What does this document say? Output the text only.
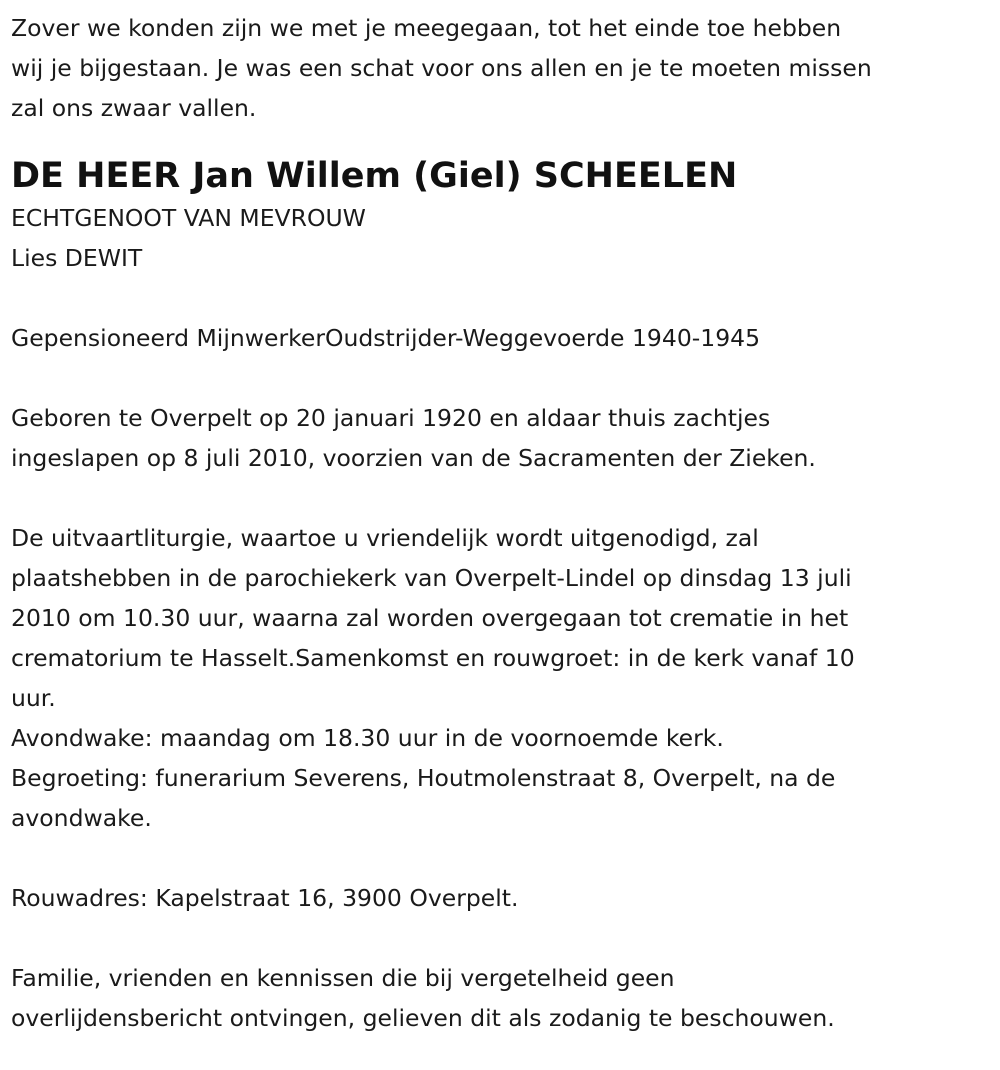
Zover we konden zijn we met je meegegaan, tot het einde toe hebben

wij je bijgestaan. Je was een schat voor ons allen en je te moeten missen

zal ons zwaar vallen.

DE HEER Jan Willem (Giel) SCHEELEN

ECHTGENOOT VAN MEVROUW

Lies DEWIT

Gepensioneerd MijnwerkerOudstrijder-Weggevoerde 1940-1945

Geboren te Overpelt op 20 januari 1920 en aldaar thuis zachtjes

ingeslapen op 8 juli 2010, voorzien van de Sacramenten der Zieken.

De uitvaartliturgie, waartoe u vriendelijk wordt uitgenodigd, zal

plaatshebben in de parochiekerk van Overpelt-Lindel op dinsdag 13 juli

2010 om 10.30 uur, waarna zal worden overgegaan tot crematie in het

crematorium te Hasselt.Samenkomst en rouwgroet: in de kerk vanaf 10

uur.

Avondwake: maandag om 18.30 uur in de voornoemde kerk.

Begroeting: funerarium Severens, Houtmolenstraat 8, Overpelt, na de

avondwake.

Rouwadres: Kapelstraat 16, 3900 Overpelt.

Familie, vrienden en kennissen die bij vergetelheid geen

overlijdensbericht ontvingen, gelieven dit als zodanig te beschouwen.
